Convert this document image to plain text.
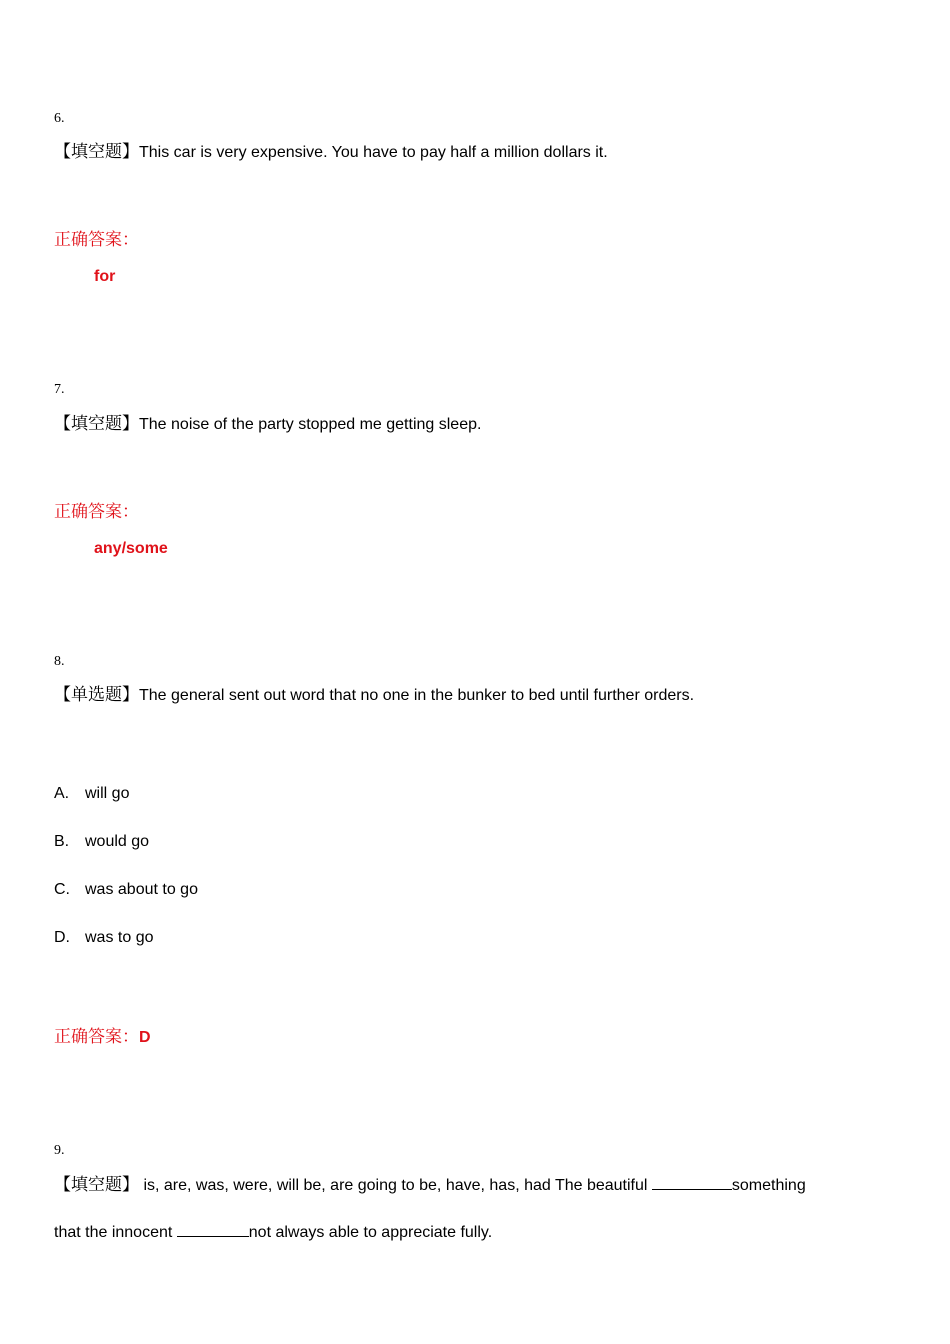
6.
【填空题】This car is very expensive. You have to pay half a million dollars it.
正确答案：
for
7.
【填空题】The noise of the party stopped me getting sleep.
正确答案：
any/some
8.
【单选题】The general sent out word that no one in the bunker to bed until further orders.
A. will go
B. would go
C. was about to go
D. was to go
正确答案：D
9.
【填空题】 is, are, was, were, will be, are going to be, have, has, had The beautiful	something
that the innocent	not always able to appreciate fully.
